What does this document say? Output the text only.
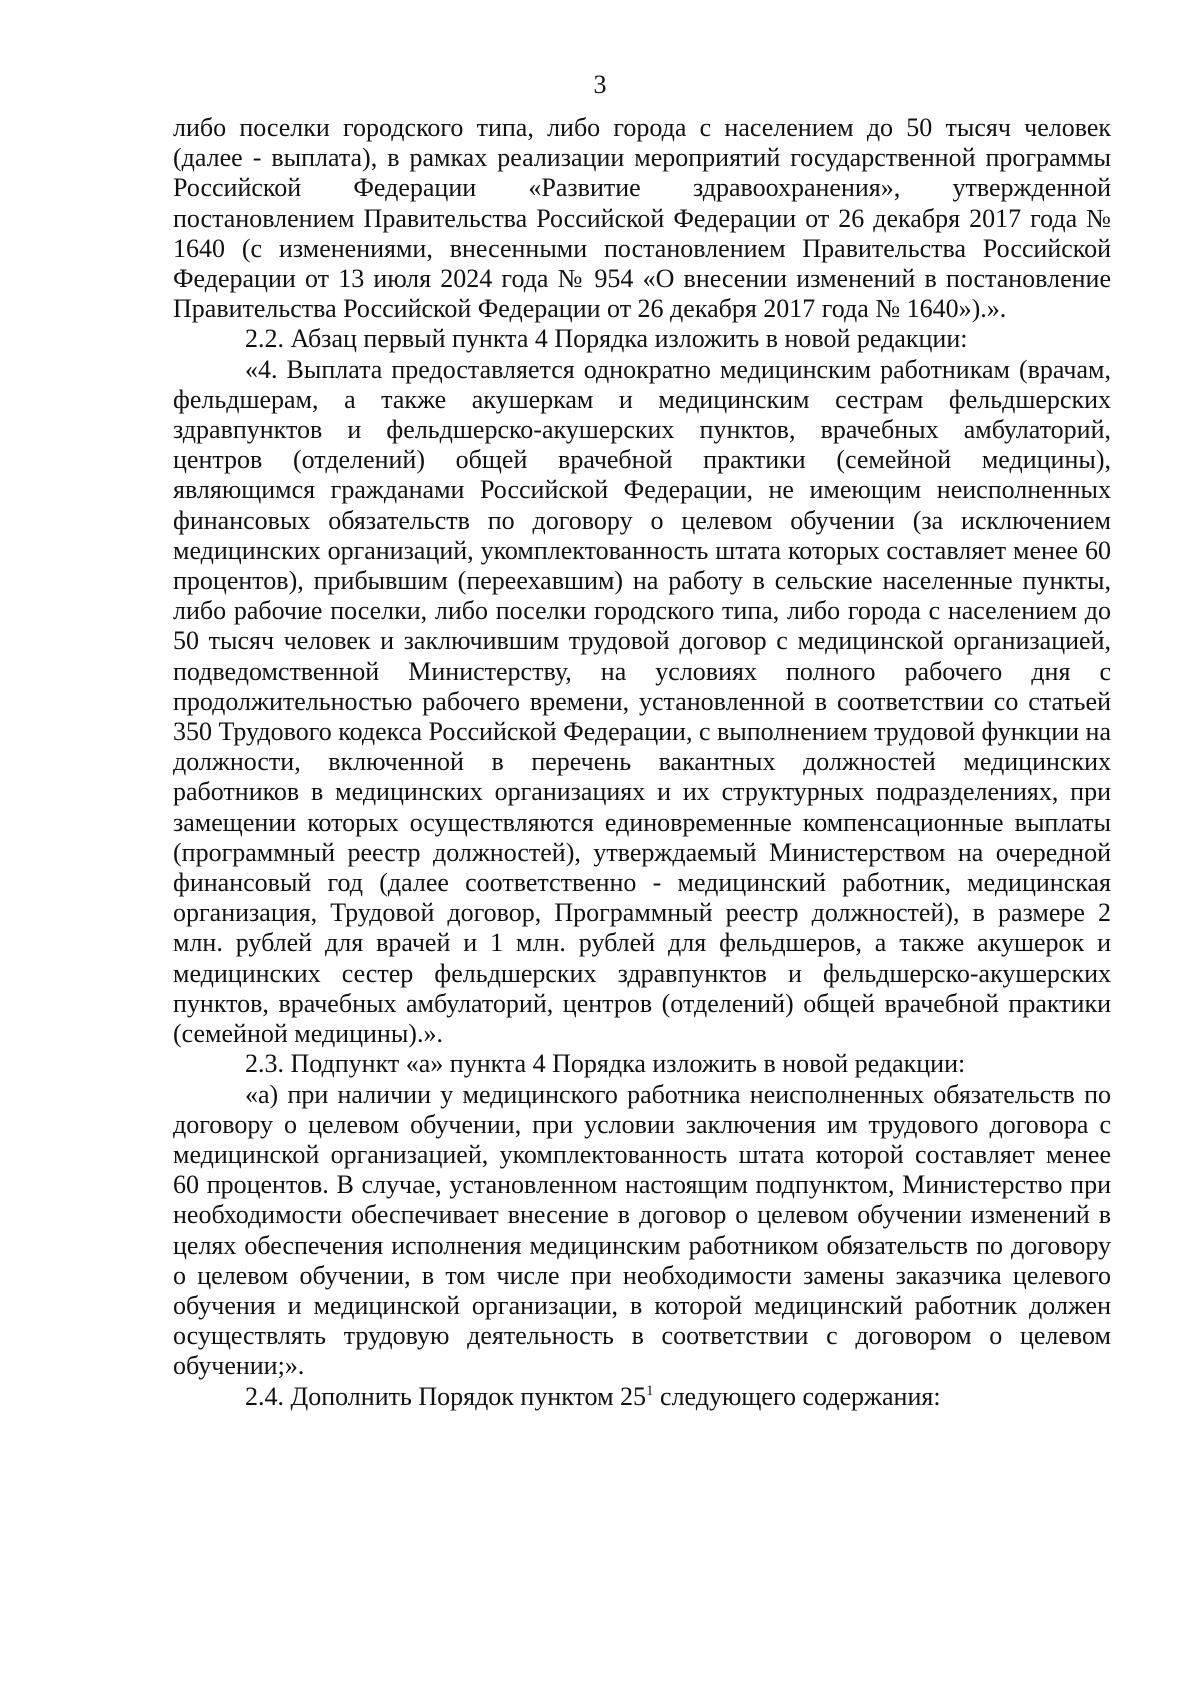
3

либо поселки городского типа, либо города с населением до 50 тысяч человек (далее - выплата), в рамках реализации мероприятий государственной программы Российской Федерации «Развитие здравоохранения», утвержденной постановлением Правительства Российской Федерации от 26 декабря 2017 года № 1640 (с изменениями, внесенными постановлением Правительства Российской Федерации от 13 июля 2024 года № 954 «О внесении изменений в постановление Правительства Российской Федерации от 26 декабря 2017 года № 1640»).».

2.2. Абзац первый пункта 4 Порядка изложить в новой редакции:

«4. Выплата предоставляется однократно медицинским работникам (врачам, фельдшерам, а также акушеркам и медицинским сестрам фельдшерских здравпунктов и фельдшерско-акушерских пунктов, врачебных амбулаторий, центров (отделений) общей врачебной практики (семейной медицины), являющимся гражданами Российской Федерации, не имеющим неисполненных финансовых обязательств по договору о целевом обучении (за исключением медицинских организаций, укомплектованность штата которых составляет менее 60 процентов), прибывшим (переехавшим) на работу в сельские населенные пункты, либо рабочие поселки, либо поселки городского типа, либо города с населением до 50 тысяч человек и заключившим трудовой договор с медицинской организацией, подведомственной Министерству, на условиях полного рабочего дня с продолжительностью рабочего времени, установленной в соответствии со статьей 350 Трудового кодекса Российской Федерации, с выполнением трудовой функции на должности, включенной в перечень вакантных должностей медицинских работников в медицинских организациях и их структурных подразделениях, при замещении которых осуществляются единовременные компенсационные выплаты (программный реестр должностей), утверждаемый Министерством на очередной финансовый год (далее соответственно - медицинский работник, медицинская организация, Трудовой договор, Программный реестр должностей), в размере 2 млн. рублей для врачей и 1 млн. рублей для фельдшеров, а также акушерок и медицинских сестер фельдшерских здравпунктов и фельдшерско-акушерских пунктов, врачебных амбулаторий, центров (отделений) общей врачебной практики (семейной медицины).».

2.3. Подпункт «а» пункта 4 Порядка изложить в новой редакции:

«а) при наличии у медицинского работника неисполненных обязательств по договору о целевом обучении, при условии заключения им трудового договора с медицинской организацией, укомплектованность штата которой составляет менее 60 процентов. В случае, установленном настоящим подпунктом, Министерство при необходимости обеспечивает внесение в договор о целевом обучении изменений в целях обеспечения исполнения медицинским работником обязательств по договору о целевом обучении, в том числе при необходимости замены заказчика целевого обучения и медицинской организации, в которой медицинский работник должен осуществлять трудовую деятельность в соответствии с договором о целевом обучении;».

2.4. Дополнить Порядок пунктом $25^1$ следующего содержания:
